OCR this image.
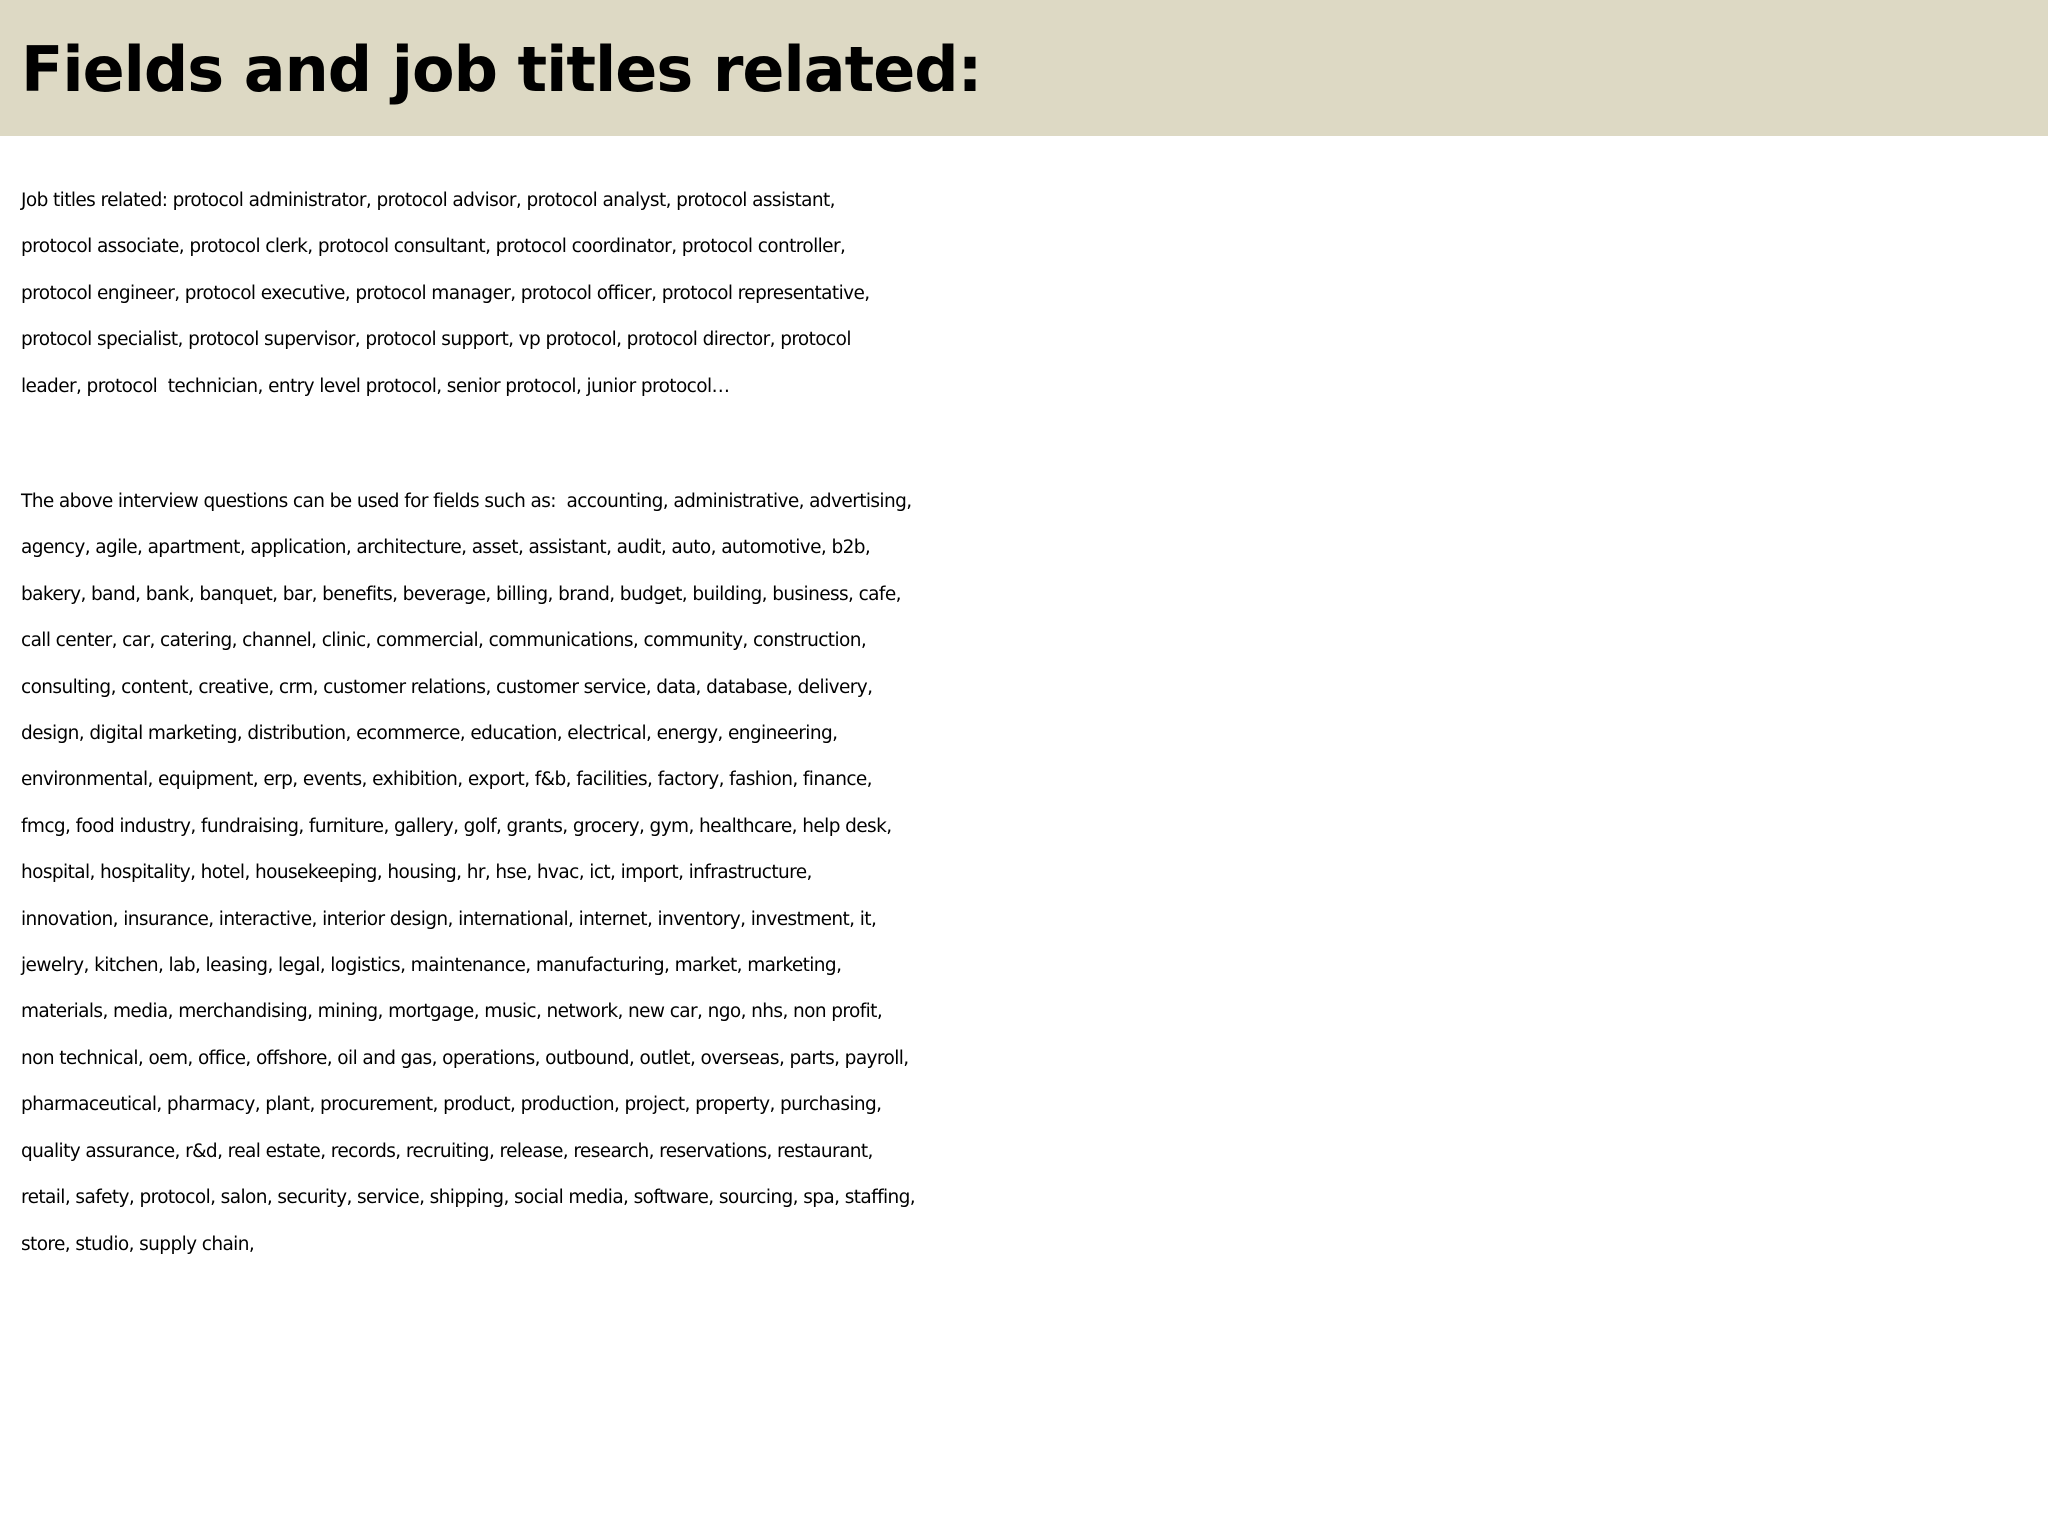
Fields and job titles related:

Job titles related: protocol administrator, protocol advisor, protocol analyst, protocol assistant,
protocol associate, protocol clerk, protocol consultant, protocol coordinator, protocol controller,
protocol engineer, protocol executive, protocol manager, protocol officer, protocol representative,
protocol specialist, protocol supervisor, protocol support, vp protocol, protocol director, protocol
leader, protocol  technician, entry level protocol, senior protocol, junior protocol…

The above interview questions can be used for fields such as:  accounting, administrative, advertising,
agency, agile, apartment, application, architecture, asset, assistant, audit, auto, automotive, b2b,
bakery, band, bank, banquet, bar, benefits, beverage, billing, brand, budget, building, business, cafe,
call center, car, catering, channel, clinic, commercial, communications, community, construction,
consulting, content, creative, crm, customer relations, customer service, data, database, delivery,
design, digital marketing, distribution, ecommerce, education, electrical, energy, engineering,
environmental, equipment, erp, events, exhibition, export, f&b, facilities, factory, fashion, finance,
fmcg, food industry, fundraising, furniture, gallery, golf, grants, grocery, gym, healthcare, help desk,
hospital, hospitality, hotel, housekeeping, housing, hr, hse, hvac, ict, import, infrastructure,
innovation, insurance, interactive, interior design, international, internet, inventory, investment, it,
jewelry, kitchen, lab, leasing, legal, logistics, maintenance, manufacturing, market, marketing,
materials, media, merchandising, mining, mortgage, music, network, new car, ngo, nhs, non profit,
non technical, oem, office, offshore, oil and gas, operations, outbound, outlet, overseas, parts, payroll,
pharmaceutical, pharmacy, plant, procurement, product, production, project, property, purchasing,
quality assurance, r&d, real estate, records, recruiting, release, research, reservations, restaurant,
retail, safety, protocol, salon, security, service, shipping, social media, software, sourcing, spa, staffing,
store, studio, supply chain,
